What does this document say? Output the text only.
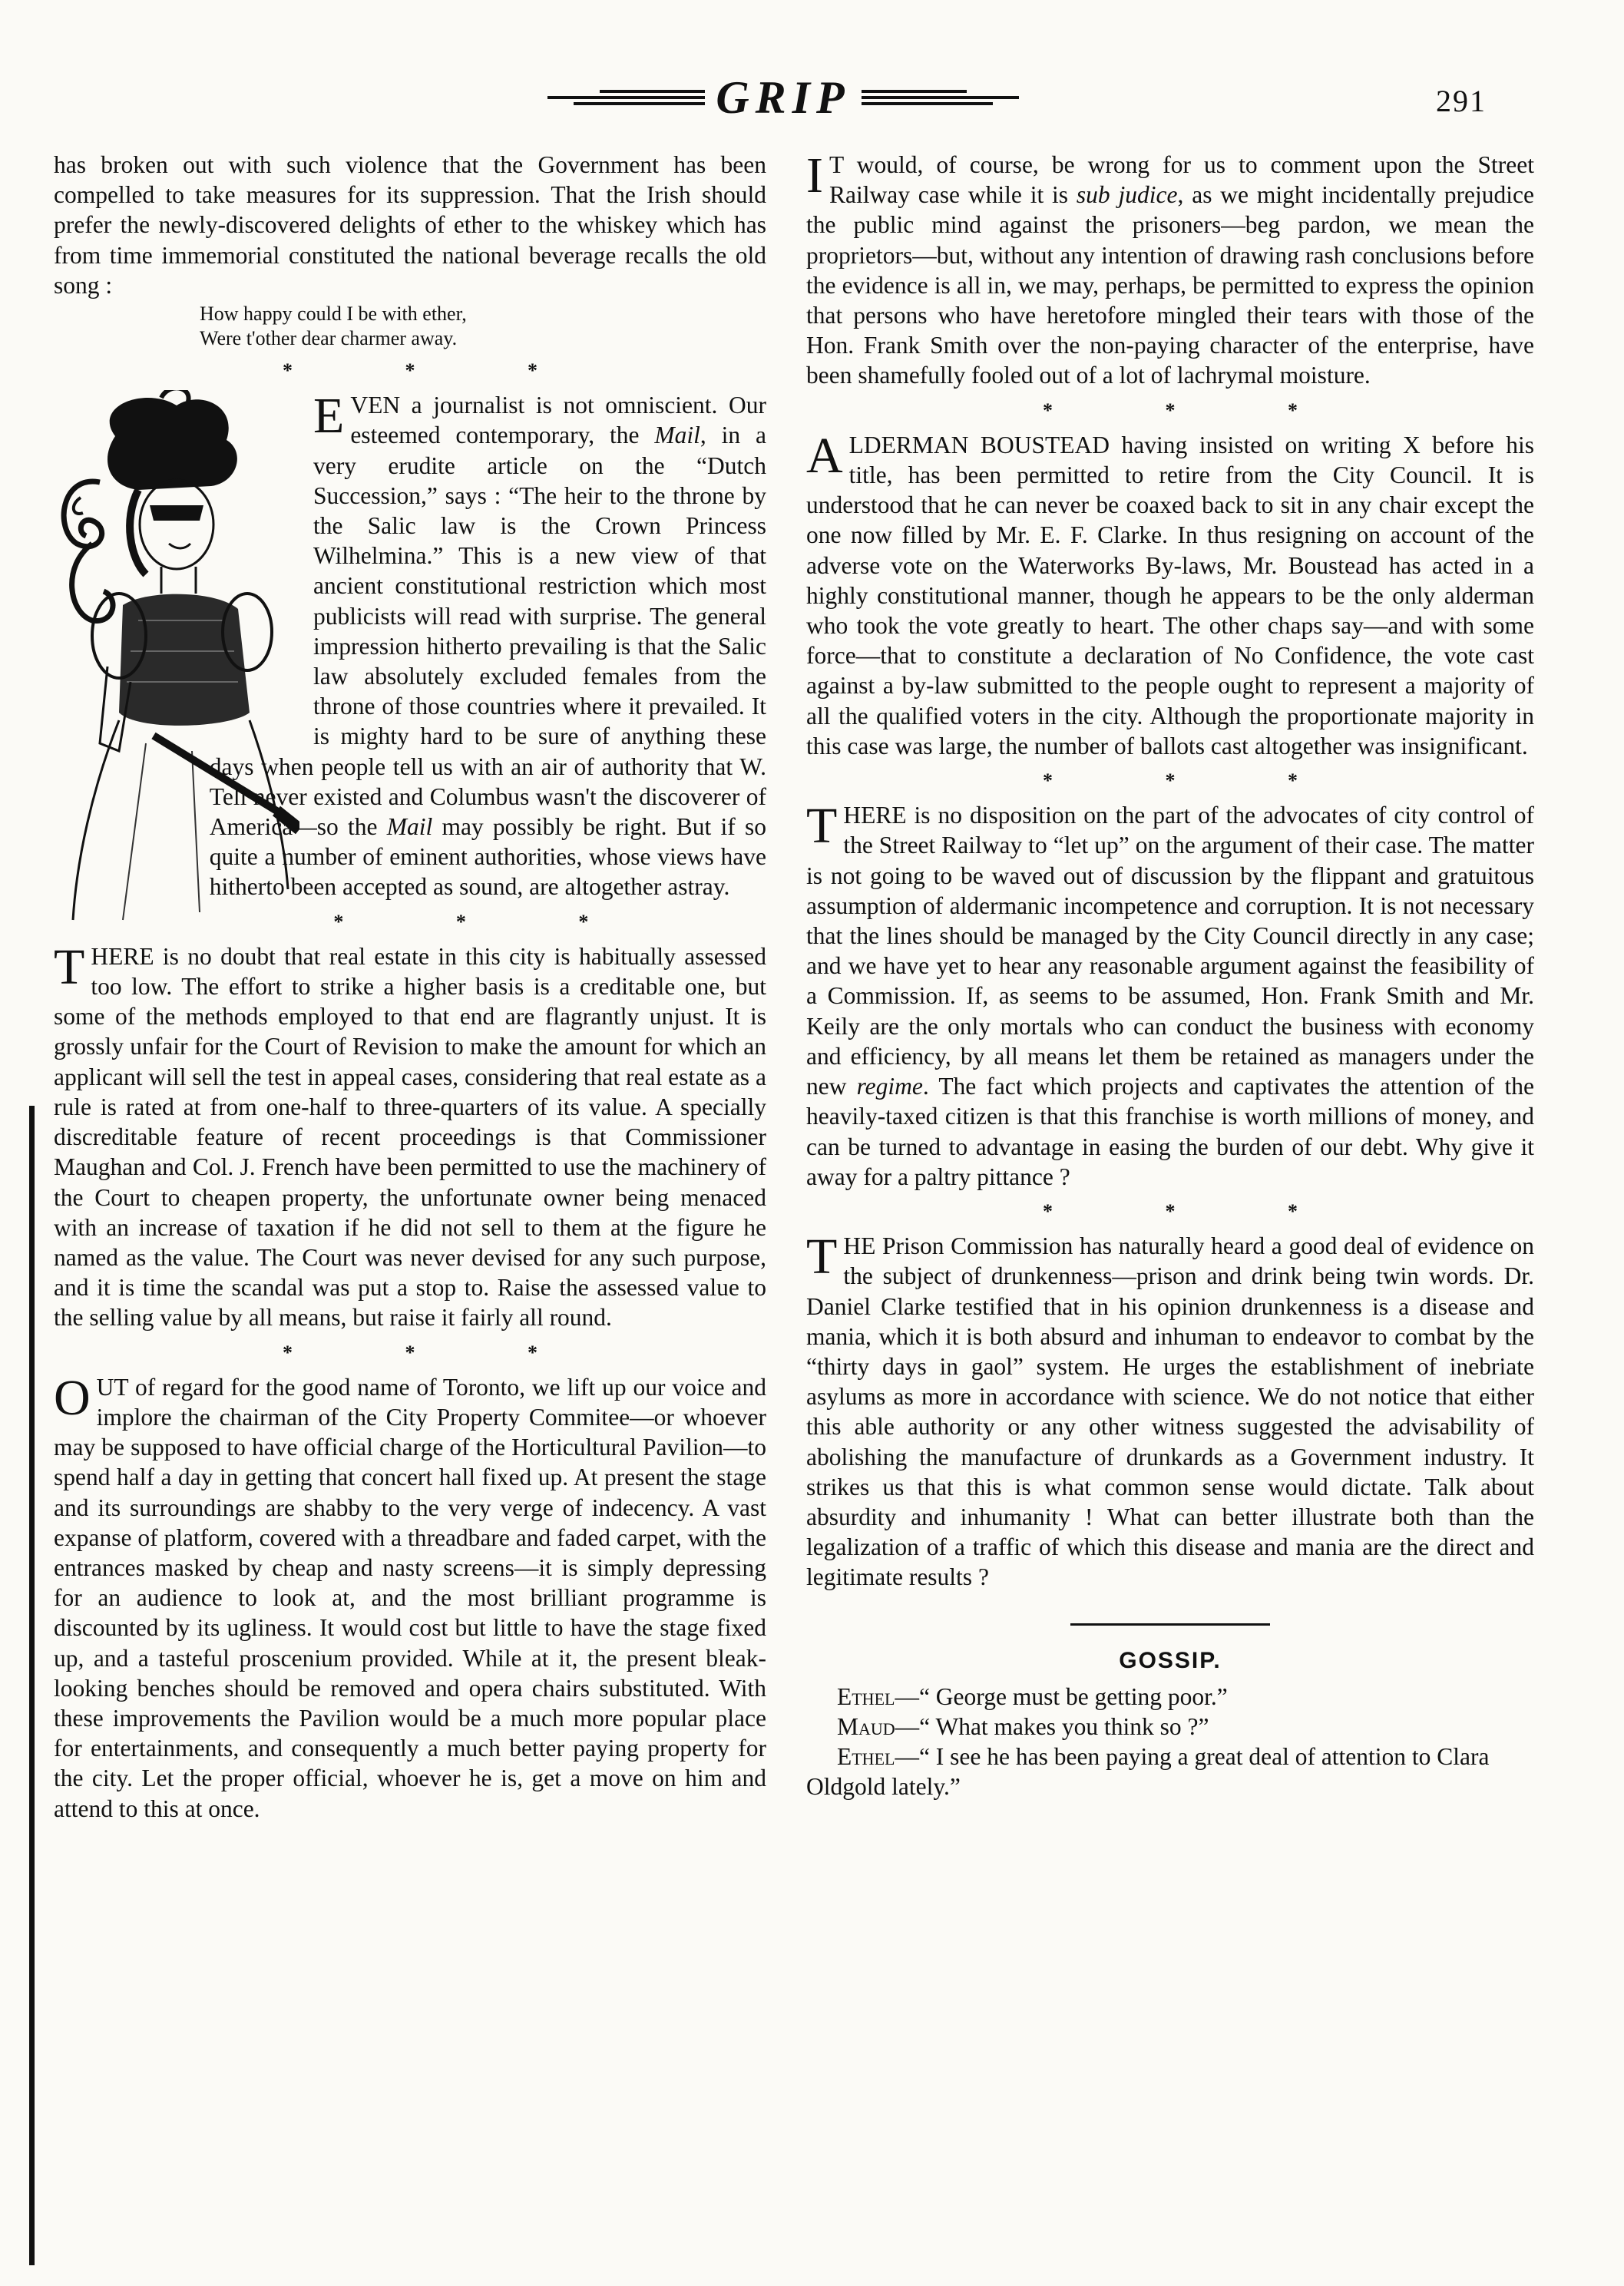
GRIP	291

has broken out with such violence that the Government has been compelled to take measures for its suppression. That the Irish should prefer the newly-discovered delights of ether to the whiskey which has from time immemorial constituted the national beverage recalls the old song :

How happy could I be with ether,
Were t'other dear charmer away.
* * *

EVEN a journalist is not omniscient. Our esteemed contemporary, the Mail, in a very erudite article on the “Dutch Succession,” says : “The heir to the throne by the Salic law is the Crown Princess Wilhelmina.” This is a new view of that ancient constitutional restriction which most publicists will read with surprise. The general impression hitherto prevailing is that the Salic law absolutely excluded females from the throne of those countries where it prevailed. It is mighty hard to be sure of anything these days when people tell us with an air of authority that W. Tell never existed and Columbus wasn't the discoverer of America—so the Mail may possibly be right. But if so quite a number of eminent authorities, whose views have hitherto been accepted as sound, are altogether astray.

* * *

THERE is no doubt that real estate in this city is habitually assessed too low. The effort to strike a higher basis is a creditable one, but some of the methods employed to that end are flagrantly unjust. It is grossly unfair for the Court of Revision to make the amount for which an applicant will sell the test in appeal cases, considering that real estate as a rule is rated at from one-half to three-quarters of its value. A specially discreditable feature of recent proceedings is that Commissioner Maughan and Col. J. French have been permitted to use the machinery of the Court to cheapen property, the unfortunate owner being menaced with an increase of taxation if he did not sell to them at the figure he named as the value. The Court was never devised for any such purpose, and it is time the scandal was put a stop to. Raise the assessed value to the selling value by all means, but raise it fairly all round.

* * *

OUT of regard for the good name of Toronto, we lift up our voice and implore the chairman of the City Property Commitee—or whoever may be supposed to have official charge of the Horticultural Pavilion—to spend half a day in getting that concert hall fixed up. At present the stage and its surroundings are shabby to the very verge of indecency. A vast expanse of platform, covered with a threadbare and faded carpet, with the entrances masked by cheap and nasty screens—it is simply depressing for an audience to look at, and the most brilliant programme is discounted by its ugliness. It would cost but little to have the stage fixed up, and a tasteful proscenium provided. While at it, the present bleak-looking benches should be removed and opera chairs substituted. With these improvements the Pavilion would be a much more popular place for entertainments, and consequently a much better paying property for the city. Let the proper official, whoever he is, get a move on him and attend to this at once.

I T would, of course, be wrong for us to comment upon the Street Railway case while it is sub judice, as we might incidentally prejudice the public mind against the prisoners—beg pardon, we mean the proprietors—but, without any intention of drawing rash conclusions before the evidence is all in, we may, perhaps, be permitted to express the opinion that persons who have heretofore mingled their tears with those of the Hon. Frank Smith over the non-paying character of the enterprise, have been shamefully fooled out of a lot of lachrymal moisture.

* * *

ALDERMAN BOUSTEAD having insisted on writing X before his title, has been permitted to retire from the City Council. It is understood that he can never be coaxed back to sit in any chair except the one now filled by Mr. E. F. Clarke. In thus resigning on account of the adverse vote on the Waterworks By-laws, Mr. Boustead has acted in a highly constitutional manner, though he appears to be the only alderman who took the vote greatly to heart. The other chaps say—and with some force—that to constitute a declaration of No Confidence, the vote cast against a by-law submitted to the people ought to represent a majority of all the qualified voters in the city. Although the proportionate majority in this case was large, the number of ballots cast altogether was insignificant.

* * *

THERE is no disposition on the part of the advocates of city control of the Street Railway to “let up” on the argument of their case. The matter is not going to be waved out of discussion by the flippant and gratuitous assumption of aldermanic incompetence and corruption. It is not necessary that the lines should be managed by the City Council directly in any case; and we have yet to hear any reasonable argument against the feasibility of a Commission. If, as seems to be assumed, Hon. Frank Smith and Mr. Keily are the only mortals who can conduct the business with economy and efficiency, by all means let them be retained as managers under the new regime. The fact which projects and captivates the attention of the heavily-taxed citizen is that this franchise is worth millions of money, and can be turned to advantage in easing the burden of our debt. Why give it away for a paltry pittance ?

* * *

THE Prison Commission has naturally heard a good deal of evidence on the subject of drunkenness—prison and drink being twin words. Dr. Daniel Clarke testified that in his opinion drunkenness is a disease and mania, which it is both absurd and inhuman to endeavor to combat by the “thirty days in gaol” system. He urges the establishment of inebriate asylums as more in accordance with science. We do not notice that either this able authority or any other witness suggested the advisability of abolishing the manufacture of drunkards as a Government industry. It strikes us that this is what common sense would dictate. Talk about absurdity and inhumanity ! What can better illustrate both than the legalization of a traffic of which this disease and mania are the direct and legitimate results ?

GOSSIP.

Ethel—“ George must be getting poor.”

Maud—“ What makes you think so ?”

Ethel—“ I see he has been paying a great deal of attention to Clara Oldgold lately.”
